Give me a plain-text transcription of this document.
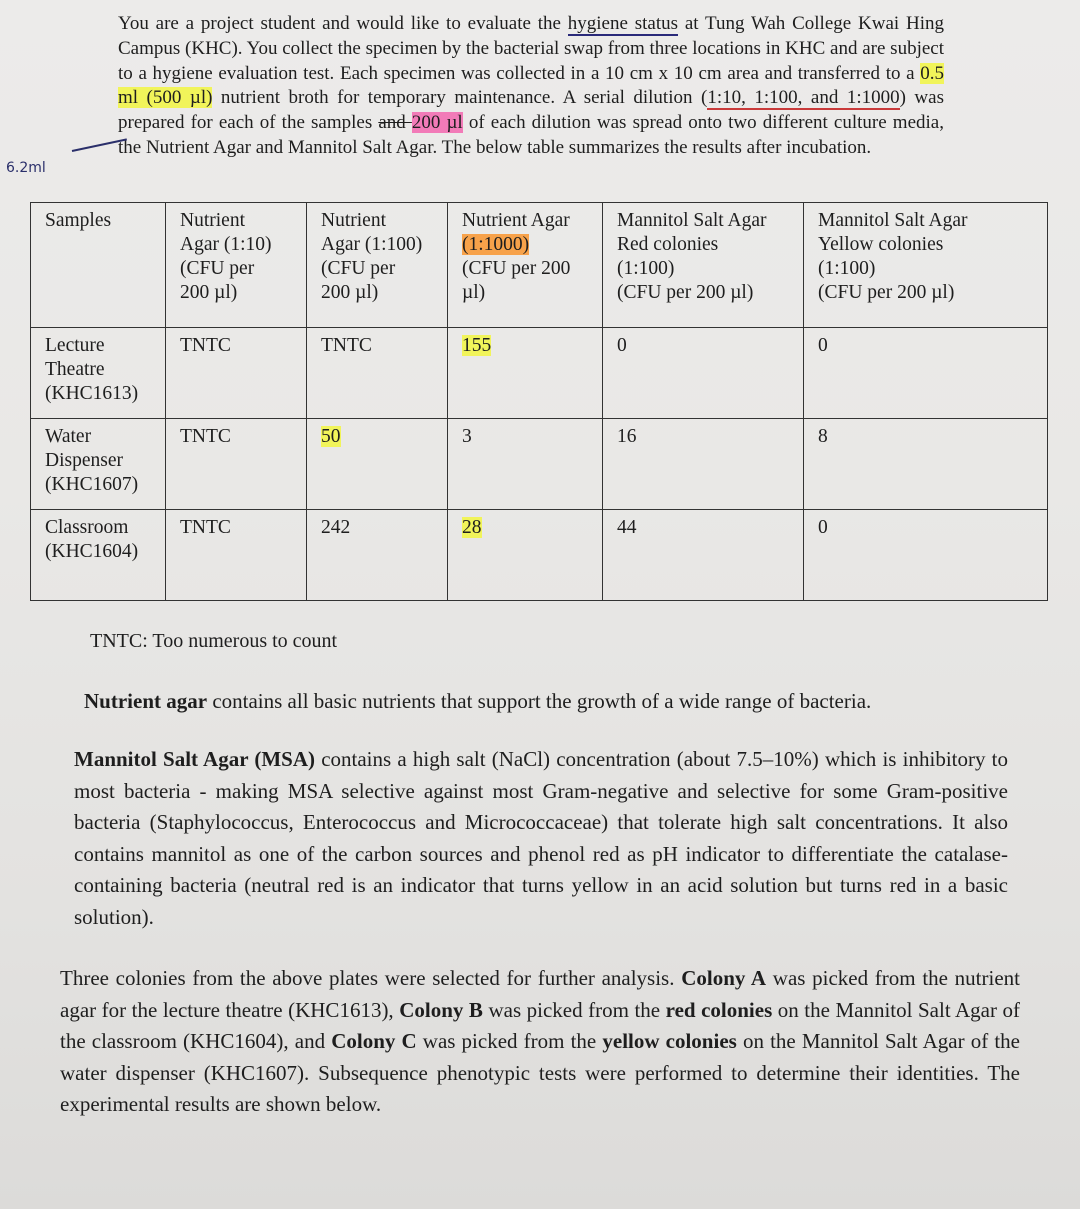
You are a project student and would like to evaluate the hygiene status at Tung Wah College Kwai Hing Campus (KHC). You collect the specimen by the bacterial swap from three locations in KHC and are subject to a hygiene evaluation test. Each specimen was collected in a 10 cm x 10 cm area and transferred to a 0.5 ml (500 µl) nutrient broth for temporary maintenance. A serial dilution (1:10, 1:100, and 1:1000) was prepared for each of the samples and 200 µl of each dilution was spread onto two different culture media, the Nutrient Agar and Mannitol Salt Agar. The below table summarizes the results after incubation.

6.2ml
Samples	Nutrient
Agar (1:10)
(CFU per
200 µl)	Nutrient
Agar (1:100)
(CFU per
200 µl)	Nutrient Agar
(1:1000)
(CFU per 200
µl)	Mannitol Salt Agar
Red colonies
(1:100)
(CFU per 200 µl)	Mannitol Salt Agar
Yellow colonies
(1:100)
(CFU per 200 µl)
Lecture
Theatre
(KHC1613)	TNTC	TNTC	155	0	0
Water
Dispenser
(KHC1607)	TNTC	50	3	16	8
Classroom
(KHC1604)	TNTC	242	28	44	0
TNTC: Too numerous to count

Nutrient agar contains all basic nutrients that support the growth of a wide range of bacteria.

Mannitol Salt Agar (MSA) contains a high salt (NaCl) concentration (about 7.5–10%) which is inhibitory to most bacteria - making MSA selective against most Gram-negative and selective for some Gram-positive bacteria (Staphylococcus, Enterococcus and Micrococcaceae) that tolerate high salt concentrations. It also contains mannitol as one of the carbon sources and phenol red as pH indicator to differentiate the catalase-containing bacteria (neutral red is an indicator that turns yellow in an acid solution but turns red in a basic solution).

Three colonies from the above plates were selected for further analysis. Colony A was picked from the nutrient agar for the lecture theatre (KHC1613), Colony B was picked from the red colonies on the Mannitol Salt Agar of the classroom (KHC1604), and Colony C was picked from the yellow colonies on the Mannitol Salt Agar of the water dispenser (KHC1607). Subsequence phenotypic tests were performed to determine their identities. The experimental results are shown below.
